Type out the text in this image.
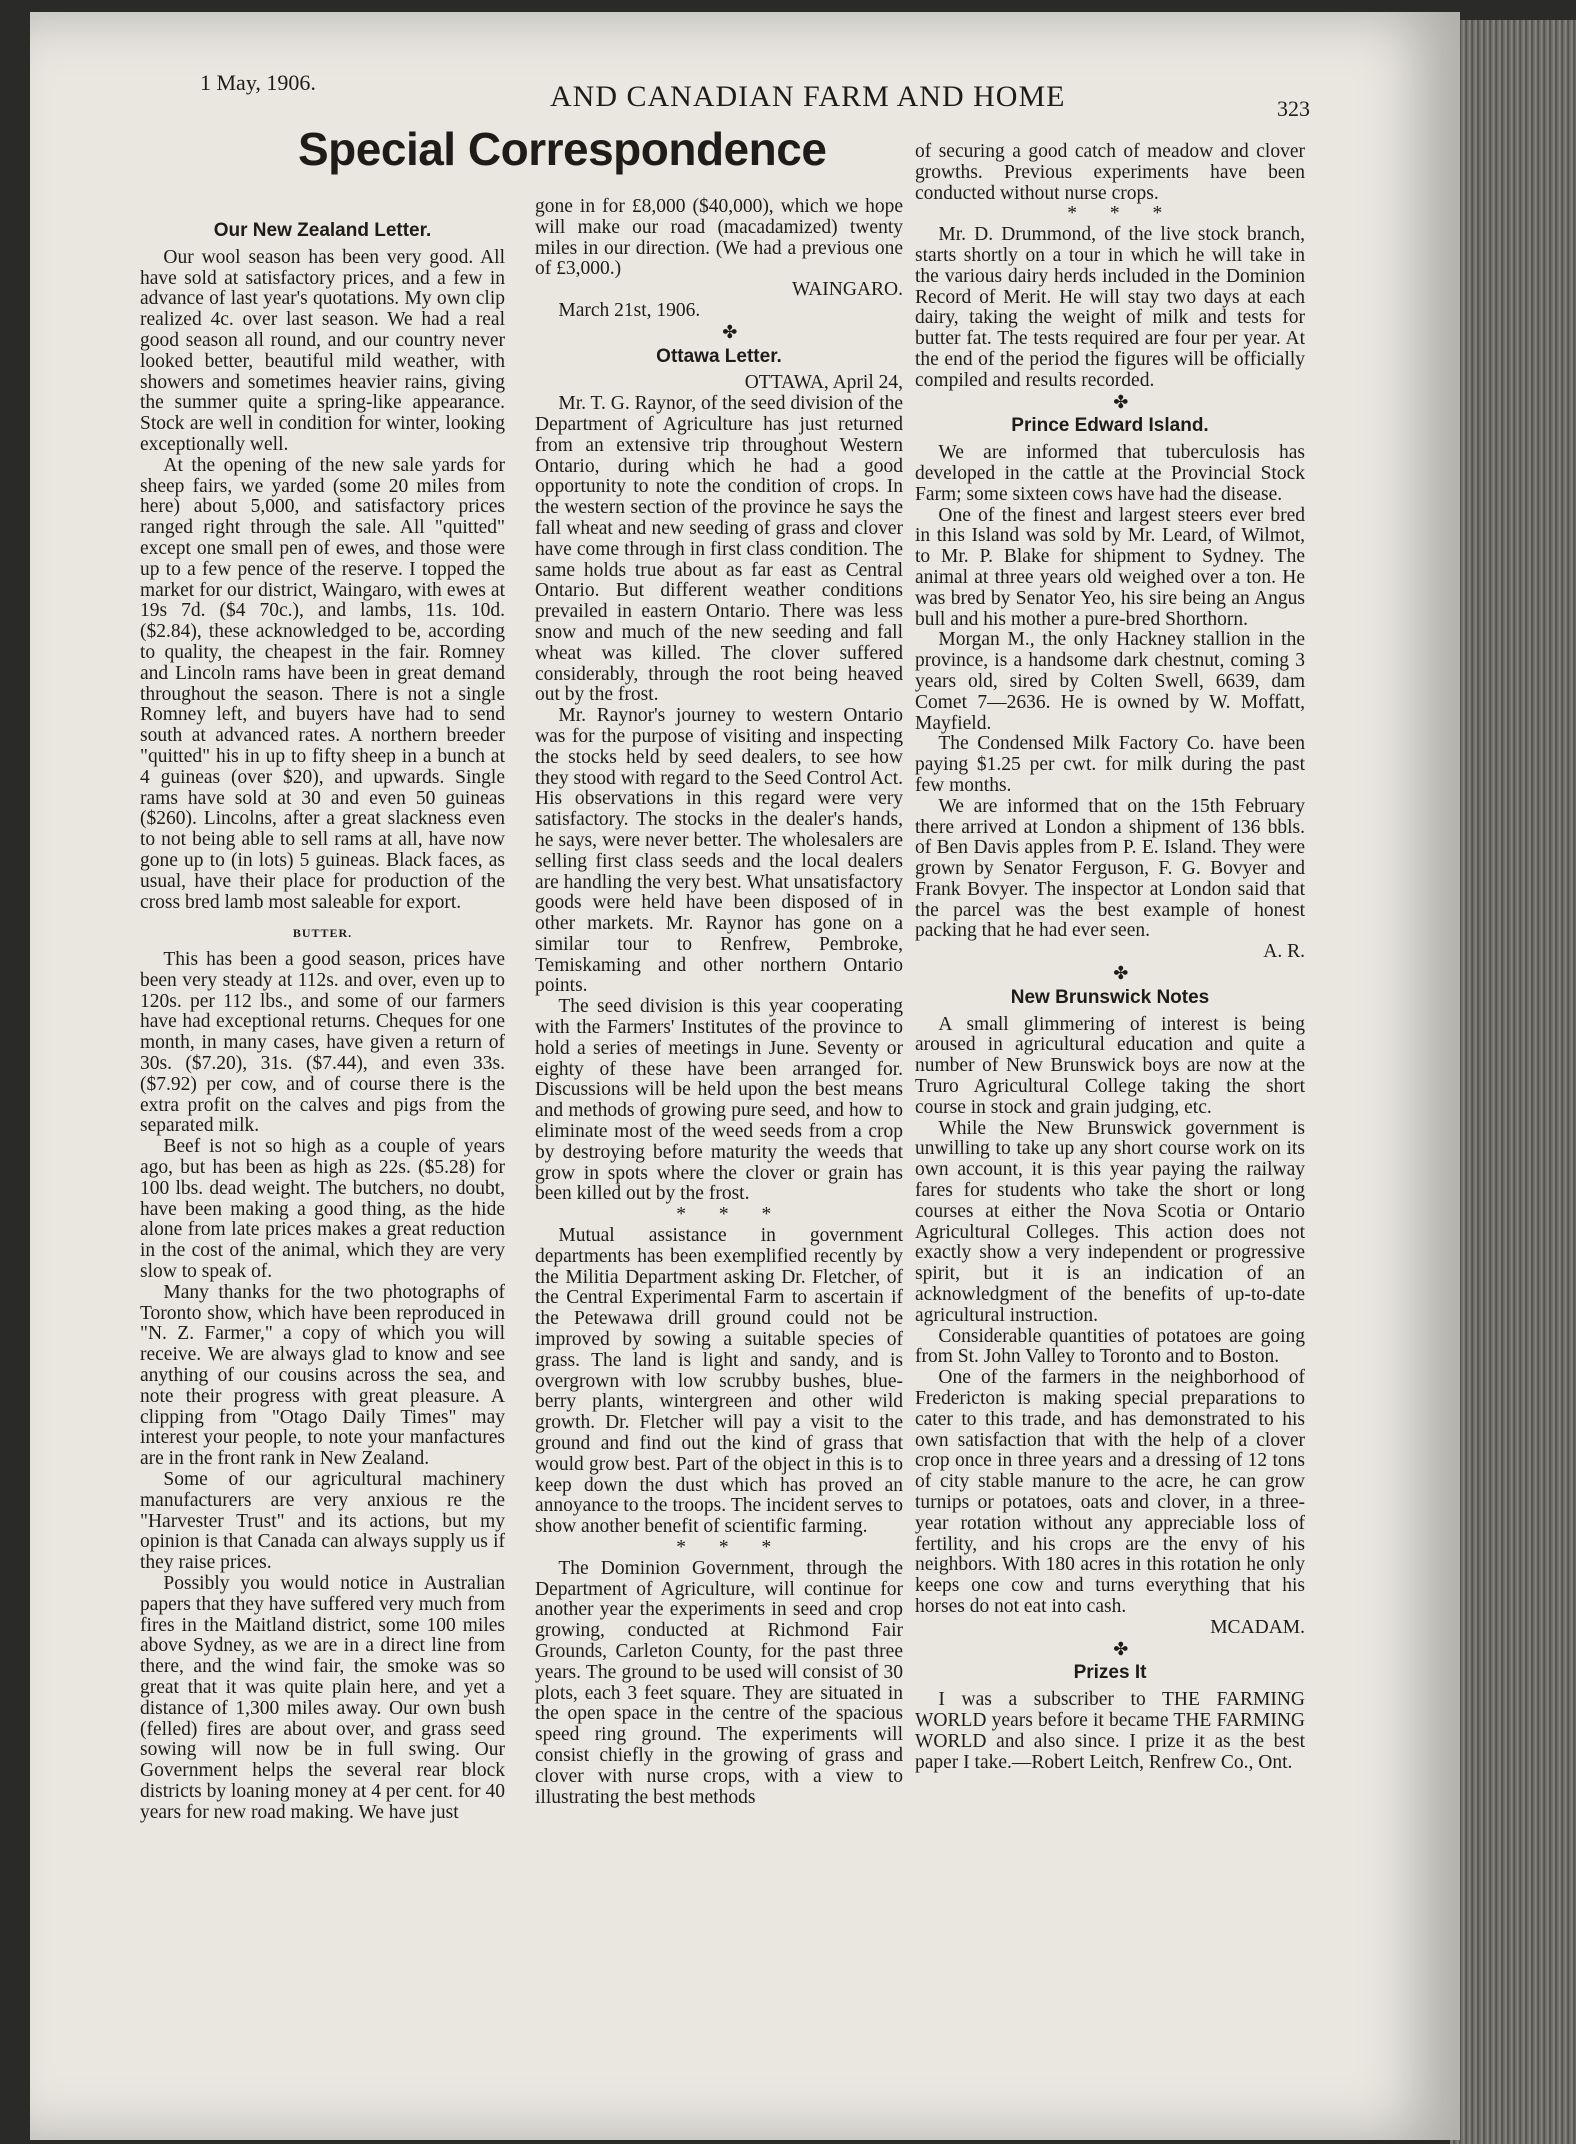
1 May, 1906.	AND CANADIAN FARM AND HOME	323
Special Correspondence
Our New Zealand Letter.

Our wool season has been very good. All have sold at satisfactory prices, and a few in advance of last year's quotations. My own clip realized 4c. over last season. We had a real good season all round, and our country never looked better, beautiful mild weather, with showers and sometimes heavier rains, giving the summer quite a spring-like appearance. Stock are well in condition for winter, looking exceptionally well.

At the opening of the new sale yards for sheep fairs, we yarded (some 20 miles from here) about 5,000, and satisfactory prices ranged right through the sale. All "quitted" except one small pen of ewes, and those were up to a few pence of the reserve. I topped the market for our district, Waingaro, with ewes at 19s 7d. ($4 70c.), and lambs, 11s. 10d. ($2.84), these acknowledged to be, according to quality, the cheapest in the fair. Romney and Lincoln rams have been in great demand throughout the season. There is not a single Romney left, and buyers have had to send south at advanced rates. A northern breeder "quitted" his in up to fifty sheep in a bunch at 4 guineas (over $20), and upwards. Single rams have sold at 30 and even 50 guineas ($260). Lincolns, after a great slackness even to not being able to sell rams at all, have now gone up to (in lots) 5 guineas. Black faces, as usual, have their place for production of the cross bred lamb most saleable for export.

BUTTER.

This has been a good season, prices have been very steady at 112s. and over, even up to 120s. per 112 lbs., and some of our farmers have had exceptional returns. Cheques for one month, in many cases, have given a return of 30s. ($7.20), 31s. ($7.44), and even 33s. ($7.92) per cow, and of course there is the extra profit on the calves and pigs from the separated milk.

Beef is not so high as a couple of years ago, but has been as high as 22s. ($5.28) for 100 lbs. dead weight. The butchers, no doubt, have been making a good thing, as the hide alone from late prices makes a great reduction in the cost of the animal, which they are very slow to speak of.

Many thanks for the two photographs of Toronto show, which have been reproduced in "N. Z. Farmer," a copy of which you will receive. We are always glad to know and see anything of our cousins across the sea, and note their progress with great pleasure. A clipping from "Otago Daily Times" may interest your people, to note your manfactures are in the front rank in New Zealand.

Some of our agricultural machinery manufacturers are very anxious re the "Harvester Trust" and its actions, but my opinion is that Canada can always supply us if they raise prices.

Possibly you would notice in Australian papers that they have suffered very much from fires in the Maitland district, some 100 miles above Sydney, as we are in a direct line from there, and the wind fair, the smoke was so great that it was quite plain here, and yet a distance of 1,300 miles away. Our own bush (felled) fires are about over, and grass seed sowing will now be in full swing. Our Government helps the several rear block districts by loaning money at 4 per cent. for 40 years for new road making. We have just

gone in for £8,000 ($40,000), which we hope will make our road (macadamized) twenty miles in our direction. (We had a previous one of £3,000.)

WAINGARO.

March 21st, 1906.

✤

Ottawa Letter.

OTTAWA, April 24,

Mr. T. G. Raynor, of the seed division of the Department of Agriculture has just returned from an extensive trip throughout Western Ontario, during which he had a good opportunity to note the condition of crops. In the western section of the province he says the fall wheat and new seeding of grass and clover have come through in first class condition. The same holds true about as far east as Central Ontario. But different weather conditions prevailed in eastern Ontario. There was less snow and much of the new seeding and fall wheat was killed. The clover suffered considerably, through the root being heaved out by the frost.

Mr. Raynor's journey to western Ontario was for the purpose of visiting and inspecting the stocks held by seed dealers, to see how they stood with regard to the Seed Control Act. His observations in this regard were very satisfactory. The stocks in the dealer's hands, he says, were never better. The wholesalers are selling first class seeds and the local dealers are handling the very best. What unsatisfactory goods were held have been disposed of in other markets. Mr. Raynor has gone on a similar tour to Renfrew, Pembroke, Temiskaming and other northern Ontario points.

The seed division is this year cooperating with the Farmers' Institutes of the province to hold a series of meetings in June. Seventy or eighty of these have been arranged for. Discussions will be held upon the best means and methods of growing pure seed, and how to eliminate most of the weed seeds from a crop by destroying before maturity the weeds that grow in spots where the clover or grain has been killed out by the frost.

* * *

Mutual assistance in government departments has been exemplified recently by the Militia Department asking Dr. Fletcher, of the Central Experimental Farm to ascertain if the Petewawa drill ground could not be improved by sowing a suitable species of grass. The land is light and sandy, and is overgrown with low scrubby bushes, blue-berry plants, wintergreen and other wild growth. Dr. Fletcher will pay a visit to the ground and find out the kind of grass that would grow best. Part of the object in this is to keep down the dust which has proved an annoyance to the troops. The incident serves to show another benefit of scientific farming.

* * *

The Dominion Government, through the Department of Agriculture, will continue for another year the experiments in seed and crop growing, conducted at Richmond Fair Grounds, Carleton County, for the past three years. The ground to be used will consist of 30 plots, each 3 feet square. They are situated in the open space in the centre of the spacious speed ring ground. The experiments will consist chiefly in the growing of grass and clover with nurse crops, with a view to illustrating the best methods

of securing a good catch of meadow and clover growths. Previous experiments have been conducted without nurse crops.

* * *

Mr. D. Drummond, of the live stock branch, starts shortly on a tour in which he will take in the various dairy herds included in the Dominion Record of Merit. He will stay two days at each dairy, taking the weight of milk and tests for butter fat. The tests required are four per year. At the end of the period the figures will be officially compiled and results recorded.

✤

Prince Edward Island.

We are informed that tuberculosis has developed in the cattle at the Provincial Stock Farm; some sixteen cows have had the disease.

One of the finest and largest steers ever bred in this Island was sold by Mr. Leard, of Wilmot, to Mr. P. Blake for shipment to Sydney. The animal at three years old weighed over a ton. He was bred by Senator Yeo, his sire being an Angus bull and his mother a pure-bred Shorthorn.

Morgan M., the only Hackney stallion in the province, is a handsome dark chestnut, coming 3 years old, sired by Colten Swell, 6639, dam Comet 7—2636. He is owned by W. Moffatt, Mayfield.

The Condensed Milk Factory Co. have been paying $1.25 per cwt. for milk during the past few months.

We are informed that on the 15th February there arrived at London a shipment of 136 bbls. of Ben Davis apples from P. E. Island. They were grown by Senator Ferguson, F. G. Bovyer and Frank Bovyer. The inspector at London said that the parcel was the best example of honest packing that he had ever seen.

A. R.

✤

New Brunswick Notes

A small glimmering of interest is being aroused in agricultural education and quite a number of New Brunswick boys are now at the Truro Agricultural College taking the short course in stock and grain judging, etc.

While the New Brunswick government is unwilling to take up any short course work on its own account, it is this year paying the railway fares for students who take the short or long courses at either the Nova Scotia or Ontario Agricultural Colleges. This action does not exactly show a very independent or progressive spirit, but it is an indication of an acknowledgment of the benefits of up-to-date agricultural instruction.

Considerable quantities of potatoes are going from St. John Valley to Toronto and to Boston.

One of the farmers in the neighborhood of Fredericton is making special preparations to cater to this trade, and has demonstrated to his own satisfaction that with the help of a clover crop once in three years and a dressing of 12 tons of city stable manure to the acre, he can grow turnips or potatoes, oats and clover, in a three-year rotation without any appreciable loss of fertility, and his crops are the envy of his neighbors. With 180 acres in this rotation he only keeps one cow and turns everything that his horses do not eat into cash.

MCADAM.

✤

Prizes It

I was a subscriber to THE FARMING WORLD years before it became THE FARMING WORLD and also since. I prize it as the best paper I take.—Robert Leitch, Renfrew Co., Ont.
